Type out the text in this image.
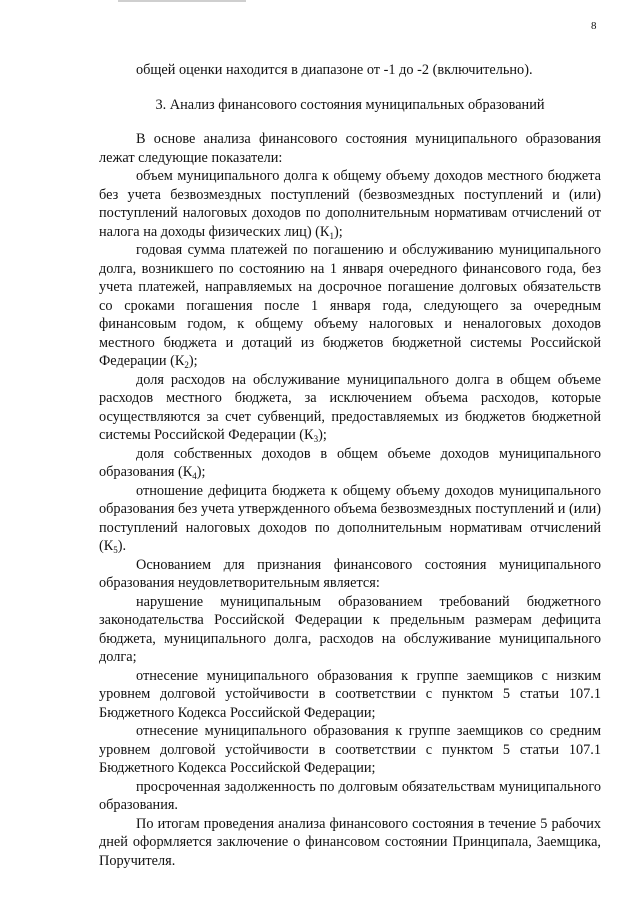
8

общей оценки находится в диапазоне от -1 до -2 (включительно).

3. Анализ финансового состояния муниципальных образований

В основе анализа финансового состояния муниципального образования лежат следующие показатели:

объем муниципального долга к общему объему доходов местного бюджета без учета безвозмездных поступлений (безвозмездных поступлений и (или) поступлений налоговых доходов по дополнительным нормативам отчислений от налога на доходы физических лиц) $(К_1)$;

годовая сумма платежей по погашению и обслуживанию муниципального долга, возникшего по состоянию на 1 января очередного финансового года, без учета платежей, направляемых на досрочное погашение долговых обязательств со сроками погашения после 1 января года, следующего за очередным финансовым годом, к общему объему налоговых и неналоговых доходов местного бюджета и дотаций из бюджетов бюджетной системы Российской Федерации $(К_2)$;

доля расходов на обслуживание муниципального долга в общем объеме расходов местного бюджета, за исключением объема расходов, которые осуществляются за счет субвенций, предоставляемых из бюджетов бюджетной системы Российской Федерации $(К_3)$;

доля собственных доходов в общем объеме доходов муниципального образования $(К_4)$;

отношение дефицита бюджета к общему объему доходов муниципального образования без учета утвержденного объема безвозмездных поступлений и (или) поступлений налоговых доходов по дополнительным нормативам отчислений $(К_5)$.

Основанием для признания финансового состояния муниципального образования неудовлетворительным является:

нарушение муниципальным образованием требований бюджетного законодательства Российской Федерации к предельным размерам дефицита бюджета, муниципального долга, расходов на обслуживание муниципального долга;

отнесение муниципального образования к группе заемщиков с низким уровнем долговой устойчивости в соответствии с пунктом 5 статьи 107.1 Бюджетного Кодекса Российской Федерации;

отнесение муниципального образования к группе заемщиков со средним уровнем долговой устойчивости в соответствии с пунктом 5 статьи 107.1 Бюджетного Кодекса Российской Федерации;

просроченная задолженность по долговым обязательствам муниципального образования.

По итогам проведения анализа финансового состояния в течение 5 рабочих дней оформляется заключение о финансовом состоянии Принципала, Заемщика, Поручителя.
